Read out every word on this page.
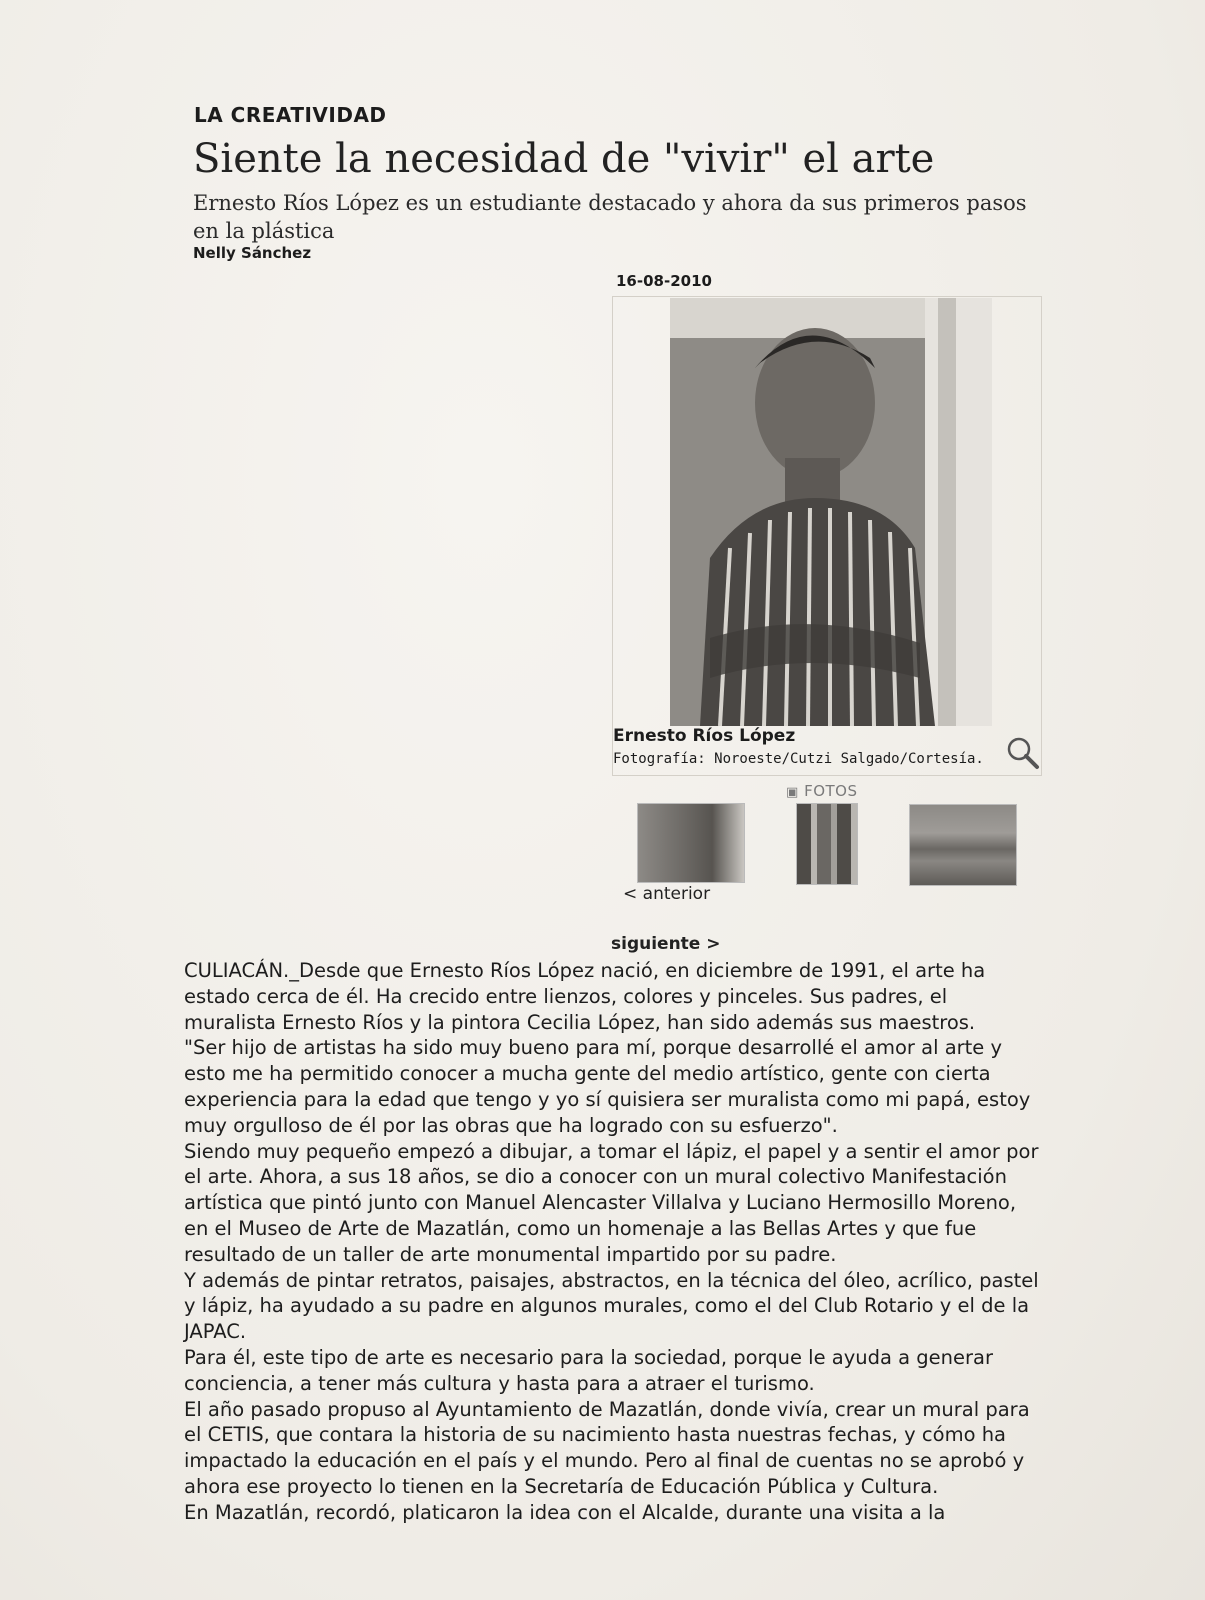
LA CREATIVIDAD
Siente la necesidad de "vivir" el arte
Ernesto Ríos López es un estudiante destacado y ahora da sus primeros pasos en la plástica
Nelly Sánchez
16-08-2010
Ernesto Ríos López
Fotografía: Noroeste/Cutzi Salgado/Cortesía.
▣ FOTOS
< anterior
siguiente >

CULIACÁN._Desde que Ernesto Ríos López nació, en diciembre de 1991, el arte ha estado cerca de él. Ha crecido entre lienzos, colores y pinceles. Sus padres, el muralista Ernesto Ríos y la pintora Cecilia López, han sido además sus maestros.

"Ser hijo de artistas ha sido muy bueno para mí, porque desarrollé el amor al arte y esto me ha permitido conocer a mucha gente del medio artístico, gente con cierta experiencia para la edad que tengo y yo sí quisiera ser muralista como mi papá, estoy muy orgulloso de él por las obras que ha logrado con su esfuerzo".

Siendo muy pequeño empezó a dibujar, a tomar el lápiz, el papel y a sentir el amor por el arte. Ahora, a sus 18 años, se dio a conocer con un mural colectivo Manifestación artística que pintó junto con Manuel Alencaster Villalva y Luciano Hermosillo Moreno, en el Museo de Arte de Mazatlán, como un homenaje a las Bellas Artes y que fue resultado de un taller de arte monumental impartido por su padre.

Y además de pintar retratos, paisajes, abstractos, en la técnica del óleo, acrílico, pastel y lápiz, ha ayudado a su padre en algunos murales, como el del Club Rotario y el de la JAPAC.

Para él, este tipo de arte es necesario para la sociedad, porque le ayuda a generar conciencia, a tener más cultura y hasta para a atraer el turismo.

El año pasado propuso al Ayuntamiento de Mazatlán, donde vivía, crear un mural para el CETIS, que contara la historia de su nacimiento hasta nuestras fechas, y cómo ha impactado la educación en el país y el mundo. Pero al final de cuentas no se aprobó y ahora ese proyecto lo tienen en la Secretaría de Educación Pública y Cultura.

En Mazatlán, recordó, platicaron la idea con el Alcalde, durante una visita a la
